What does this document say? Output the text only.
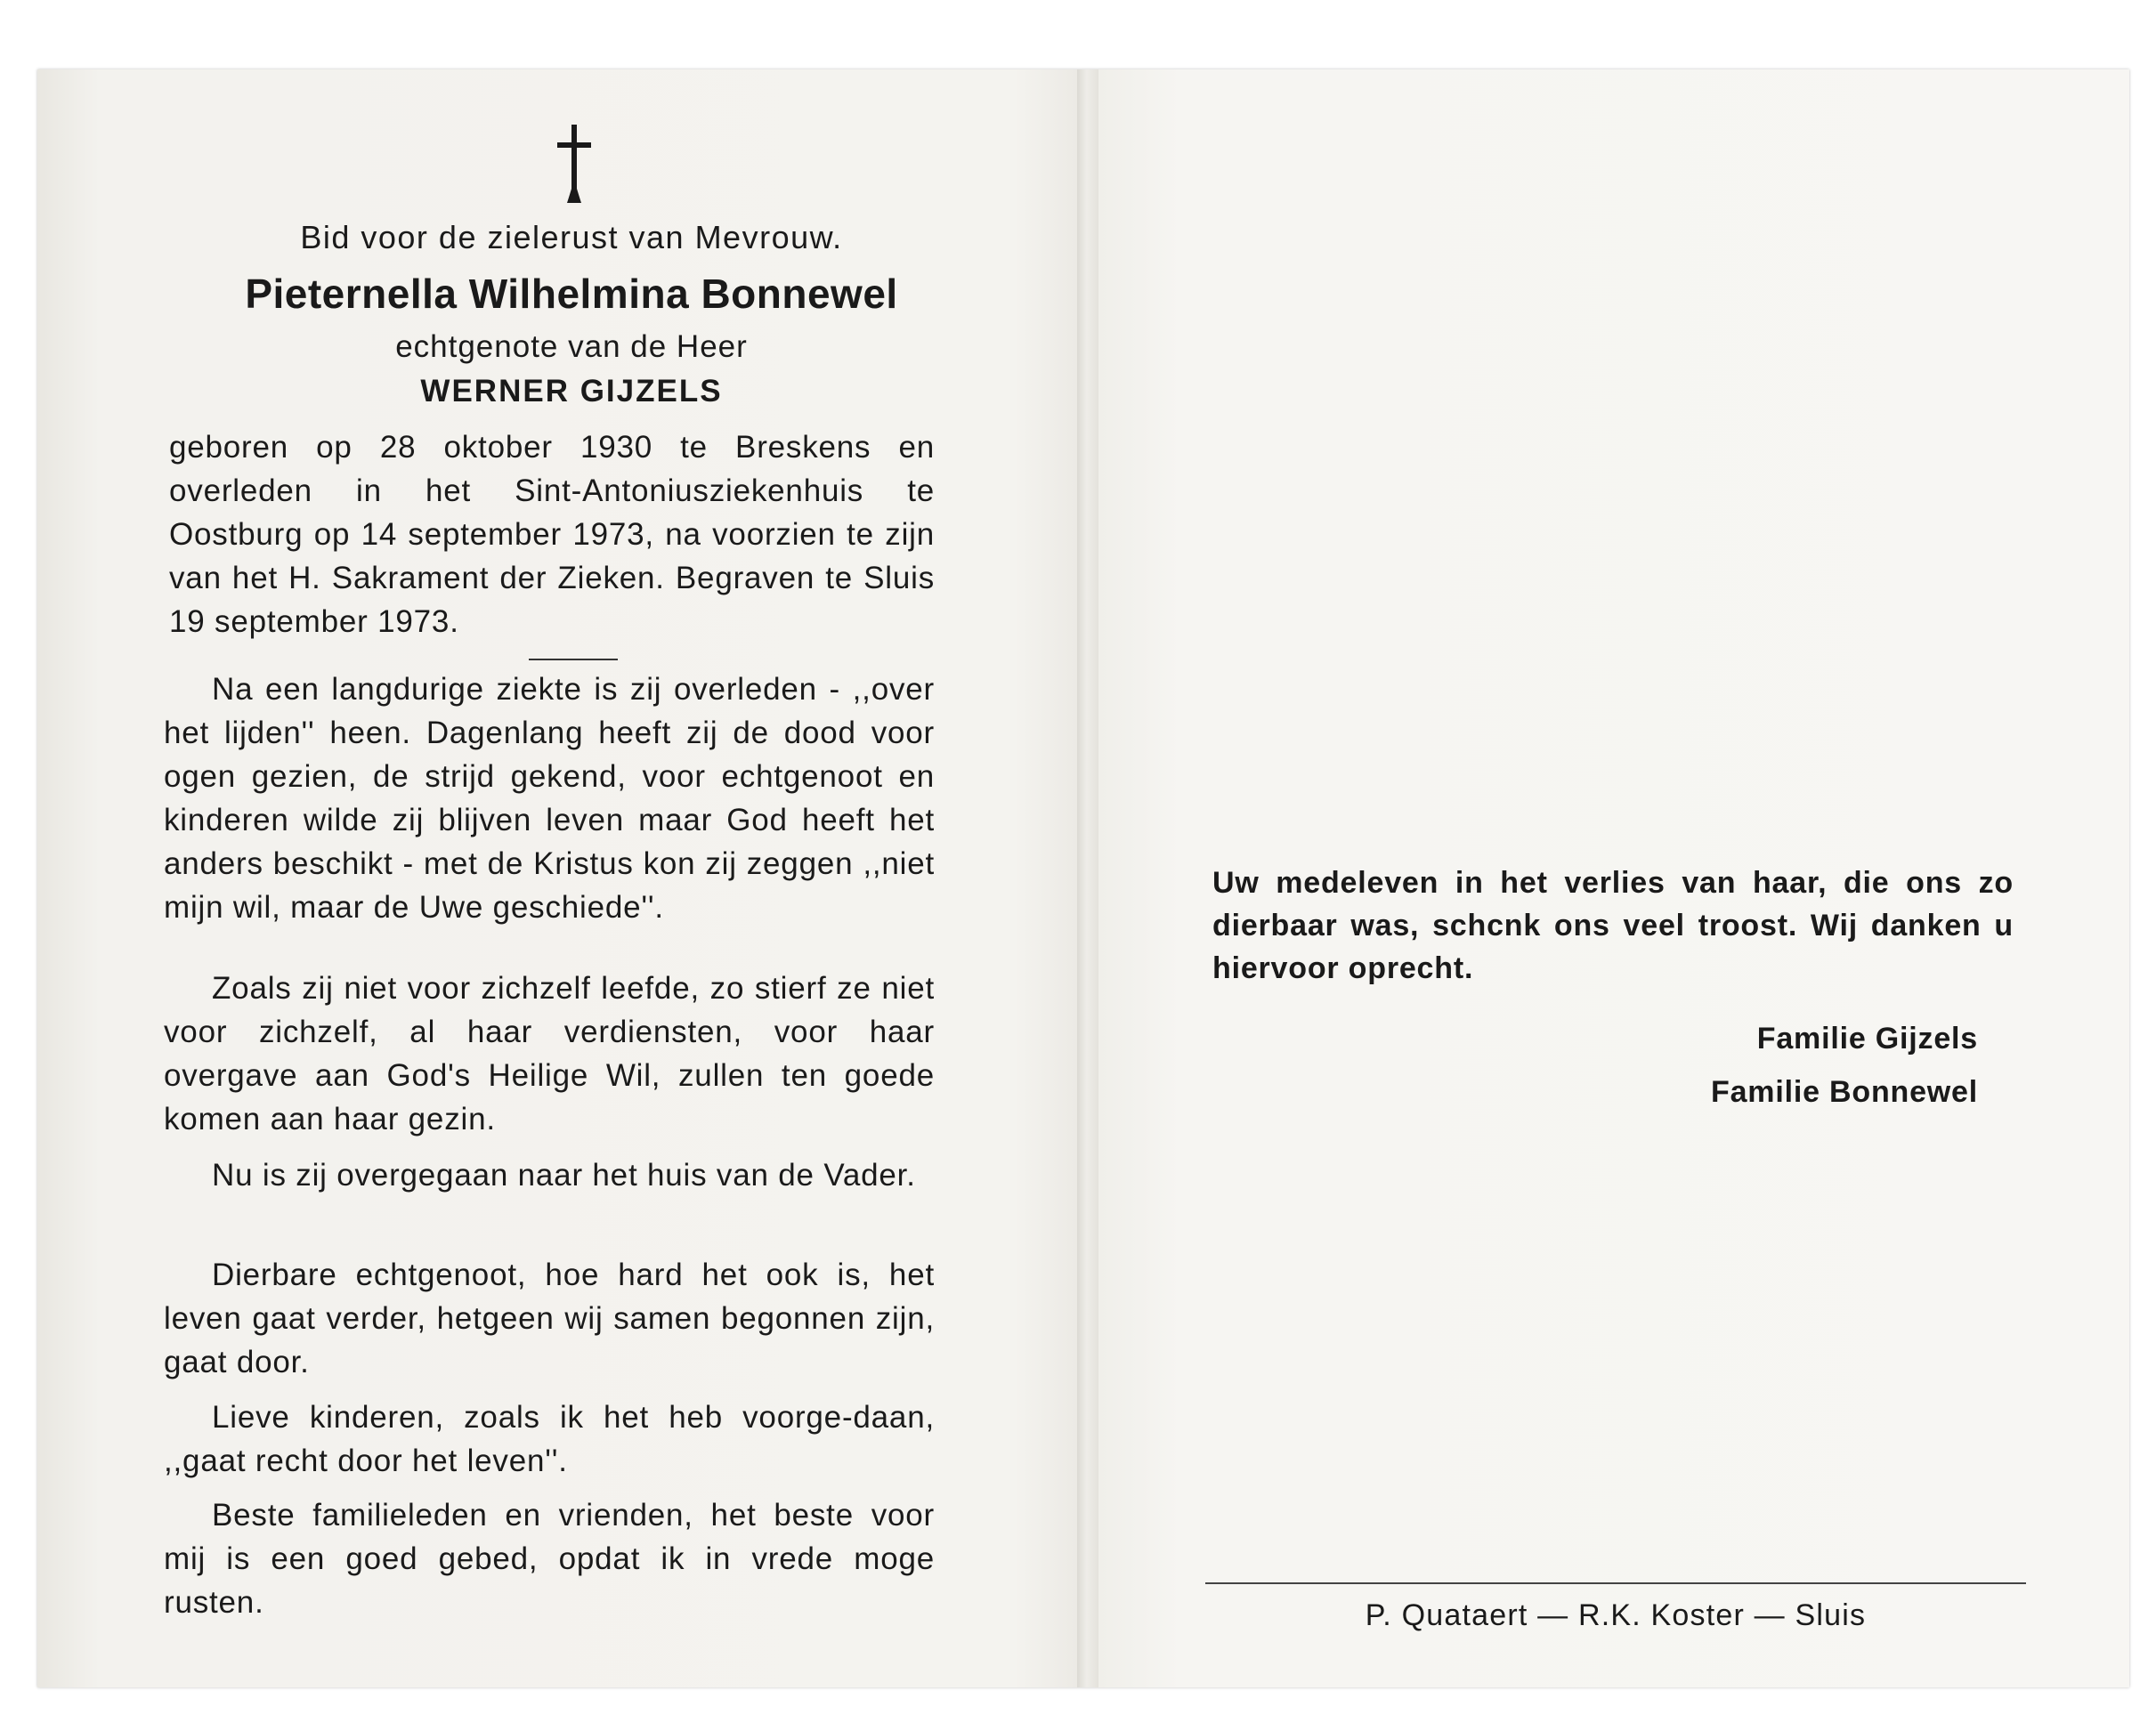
Bid voor de zielerust van Mevrouw.
Pieternella Wilhelmina Bonnewel
echtgenote van de Heer
WERNER GIJZELS

geboren op 28 oktober 1930 te Breskens en overleden in het Sint-Antoniusziekenhuis te Oostburg op 14 september 1973, na voorzien te zijn van het H. Sakrament der Zieken. Begraven te Sluis 19 september 1973.

Na een langdurige ziekte is zij overleden - ,,over het lijden'' heen. Dagenlang heeft zij de dood voor ogen gezien, de strijd gekend, voor echtgenoot en kinderen wilde zij blijven leven maar God heeft het anders beschikt - met de Kristus kon zij zeggen ,,niet mijn wil, maar de Uwe geschiede''.

Zoals zij niet voor zichzelf leefde, zo stierf ze niet voor zichzelf, al haar verdiensten, voor haar overgave aan God's Heilige Wil, zullen ten goede komen aan haar gezin.

Nu is zij overgegaan naar het huis van de Vader.

Dierbare echtgenoot, hoe hard het ook is, het leven gaat verder, hetgeen wij samen begonnen zijn, gaat door.

Lieve kinderen, zoals ik het heb voorge-daan, ,,gaat recht door het leven''.

Beste familieleden en vrienden, het beste voor mij is een goed gebed, opdat ik in vrede moge rusten.

Uw medeleven in het verlies van haar, die ons zo dierbaar was, schcnk ons veel troost. Wij danken u hiervoor oprecht.

Familie Gijzels
Familie Bonnewel
P. Quataert — R.K. Koster — Sluis
